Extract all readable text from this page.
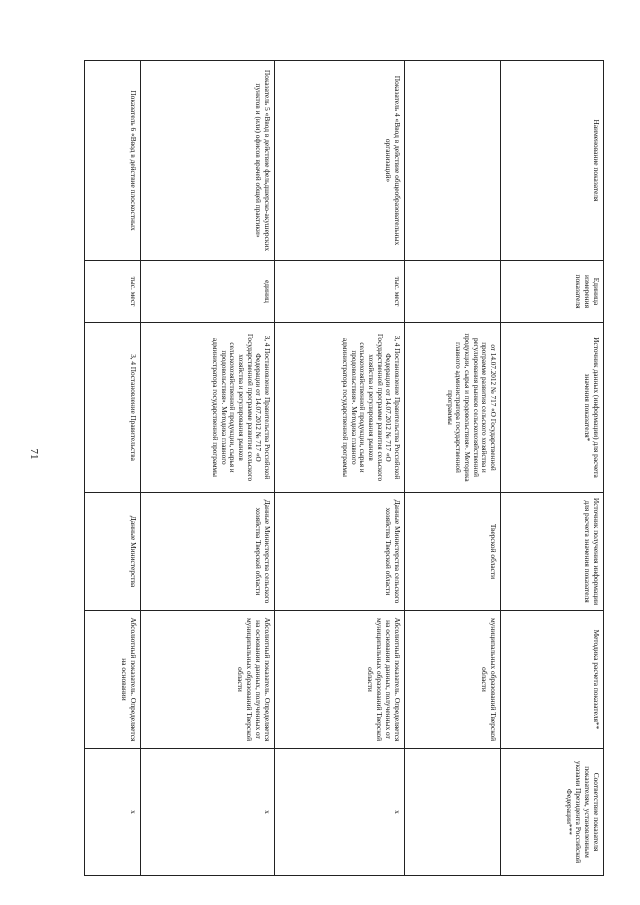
71
Наименование показателя	Единица измерения показателя	Источник данных (информации) для расчета значения показателя*	Источник получения информации для расчета значения показателя	Методика расчета показателя**	Соответствие показателя показателям, установленным указами Президента Российской Федерации***
		от 14.07.2012 № 717 «О Государственной программе развития сельского хозяйства и регулирования рынков сельскохозяйственной продукции, сырья и продовольствия». Методика главного администратора государственной программы	Тверской области	муниципальных образований Тверской области	
Показатель 4 «Ввод в действие общеобразовательных организаций»	тыс. мест	3, 4 Постановление Правительства Российской Федерации от 14.07.2012 № 717 «О Государственной программе развития сельского хозяйства и регулирования рынков сельскохозяйственной продукции, сырья и продовольствия». Методика главного администратора государственной программы	Данные Министерства сельского хозяйства Тверской области	Абсолютный показатель. Определяется на основании данных, полученных от муниципальных образований Тверской области	x
Показатель 5 «Ввод в действие фельдшерско-акушерских пунктов и (или) офисов врачей общей практики»	единиц	3, 4 Постановление Правительства Российской Федерации от 14.07.2012 № 717 «О Государственной программе развития сельского хозяйства и регулирования рынков сельскохозяйственной продукции, сырья и продовольствия». Методика главного администратора государственной программы	Данные Министерства сельского хозяйства Тверской области	Абсолютный показатель. Определяется на основании данных, полученных от муниципальных образований Тверской области	x
Показатель 6 «Ввод в действие плоскостных	тыс. мест	3, 4 Постановление Правительства	Данные Министерства	Абсолютный показатель. Определяется на основании	x
